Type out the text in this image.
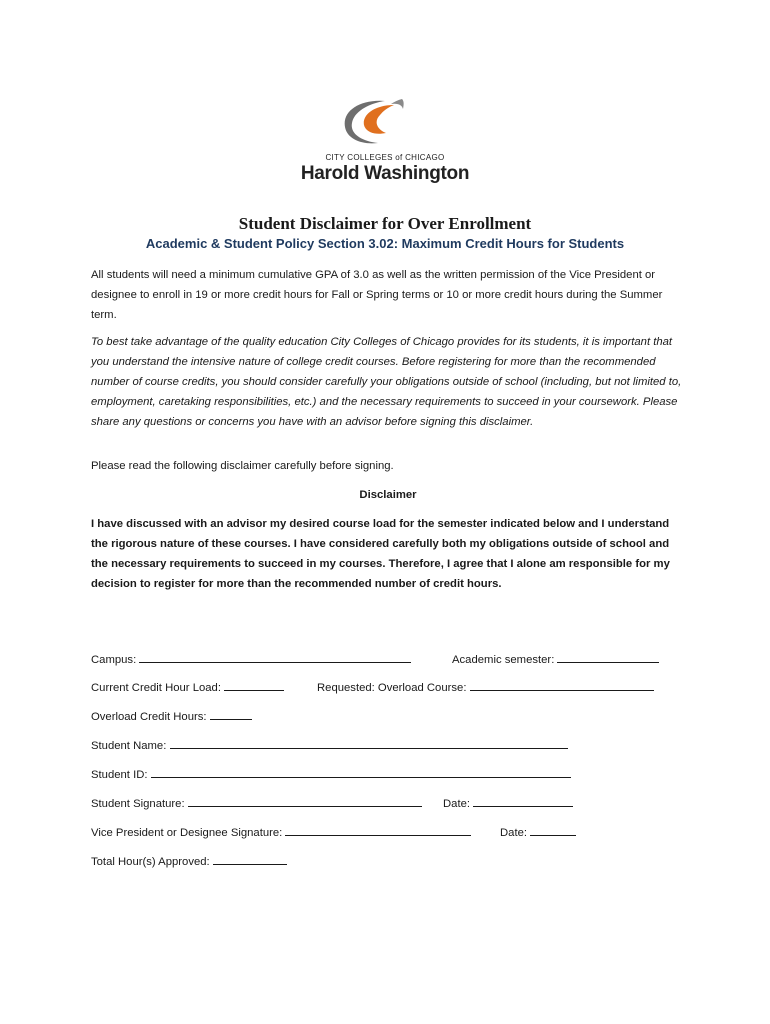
CITY COLLEGES of CHICAGO
Harold Washington
Student Disclaimer for Over Enrollment
Academic & Student Policy Section 3.02: Maximum Credit Hours for Students

All students will need a minimum cumulative GPA of 3.0 as well as the written permission of the Vice President or designee to enroll in 19 or more credit hours for Fall or Spring terms or 10 or more credit hours during the Summer term.

To best take advantage of the quality education City Colleges of Chicago provides for its students, it is important that you understand the intensive nature of college credit courses. Before registering for more than the recommended number of course credits, you should consider carefully your obligations outside of school (including, but not limited to, employment, caretaking responsibilities, etc.) and the necessary requirements to succeed in your coursework. Please share any questions or concerns you have with an advisor before signing this disclaimer.

Please read the following disclaimer carefully before signing.

Disclaimer

I have discussed with an advisor my desired course load for the semester indicated below and I understand the rigorous nature of these courses. I have considered carefully both my obligations outside of school and the necessary requirements to succeed in my courses. Therefore, I agree that I alone am responsible for my decision to register for more than the recommended number of credit hours.

Campus:	Academic semester:
Current Credit Hour Load:	Requested: Overload Course:
Overload Credit Hours:
Student Name:
Student ID:
Student Signature:	Date:
Vice President or Designee Signature:	Date:
Total Hour(s) Approved:
